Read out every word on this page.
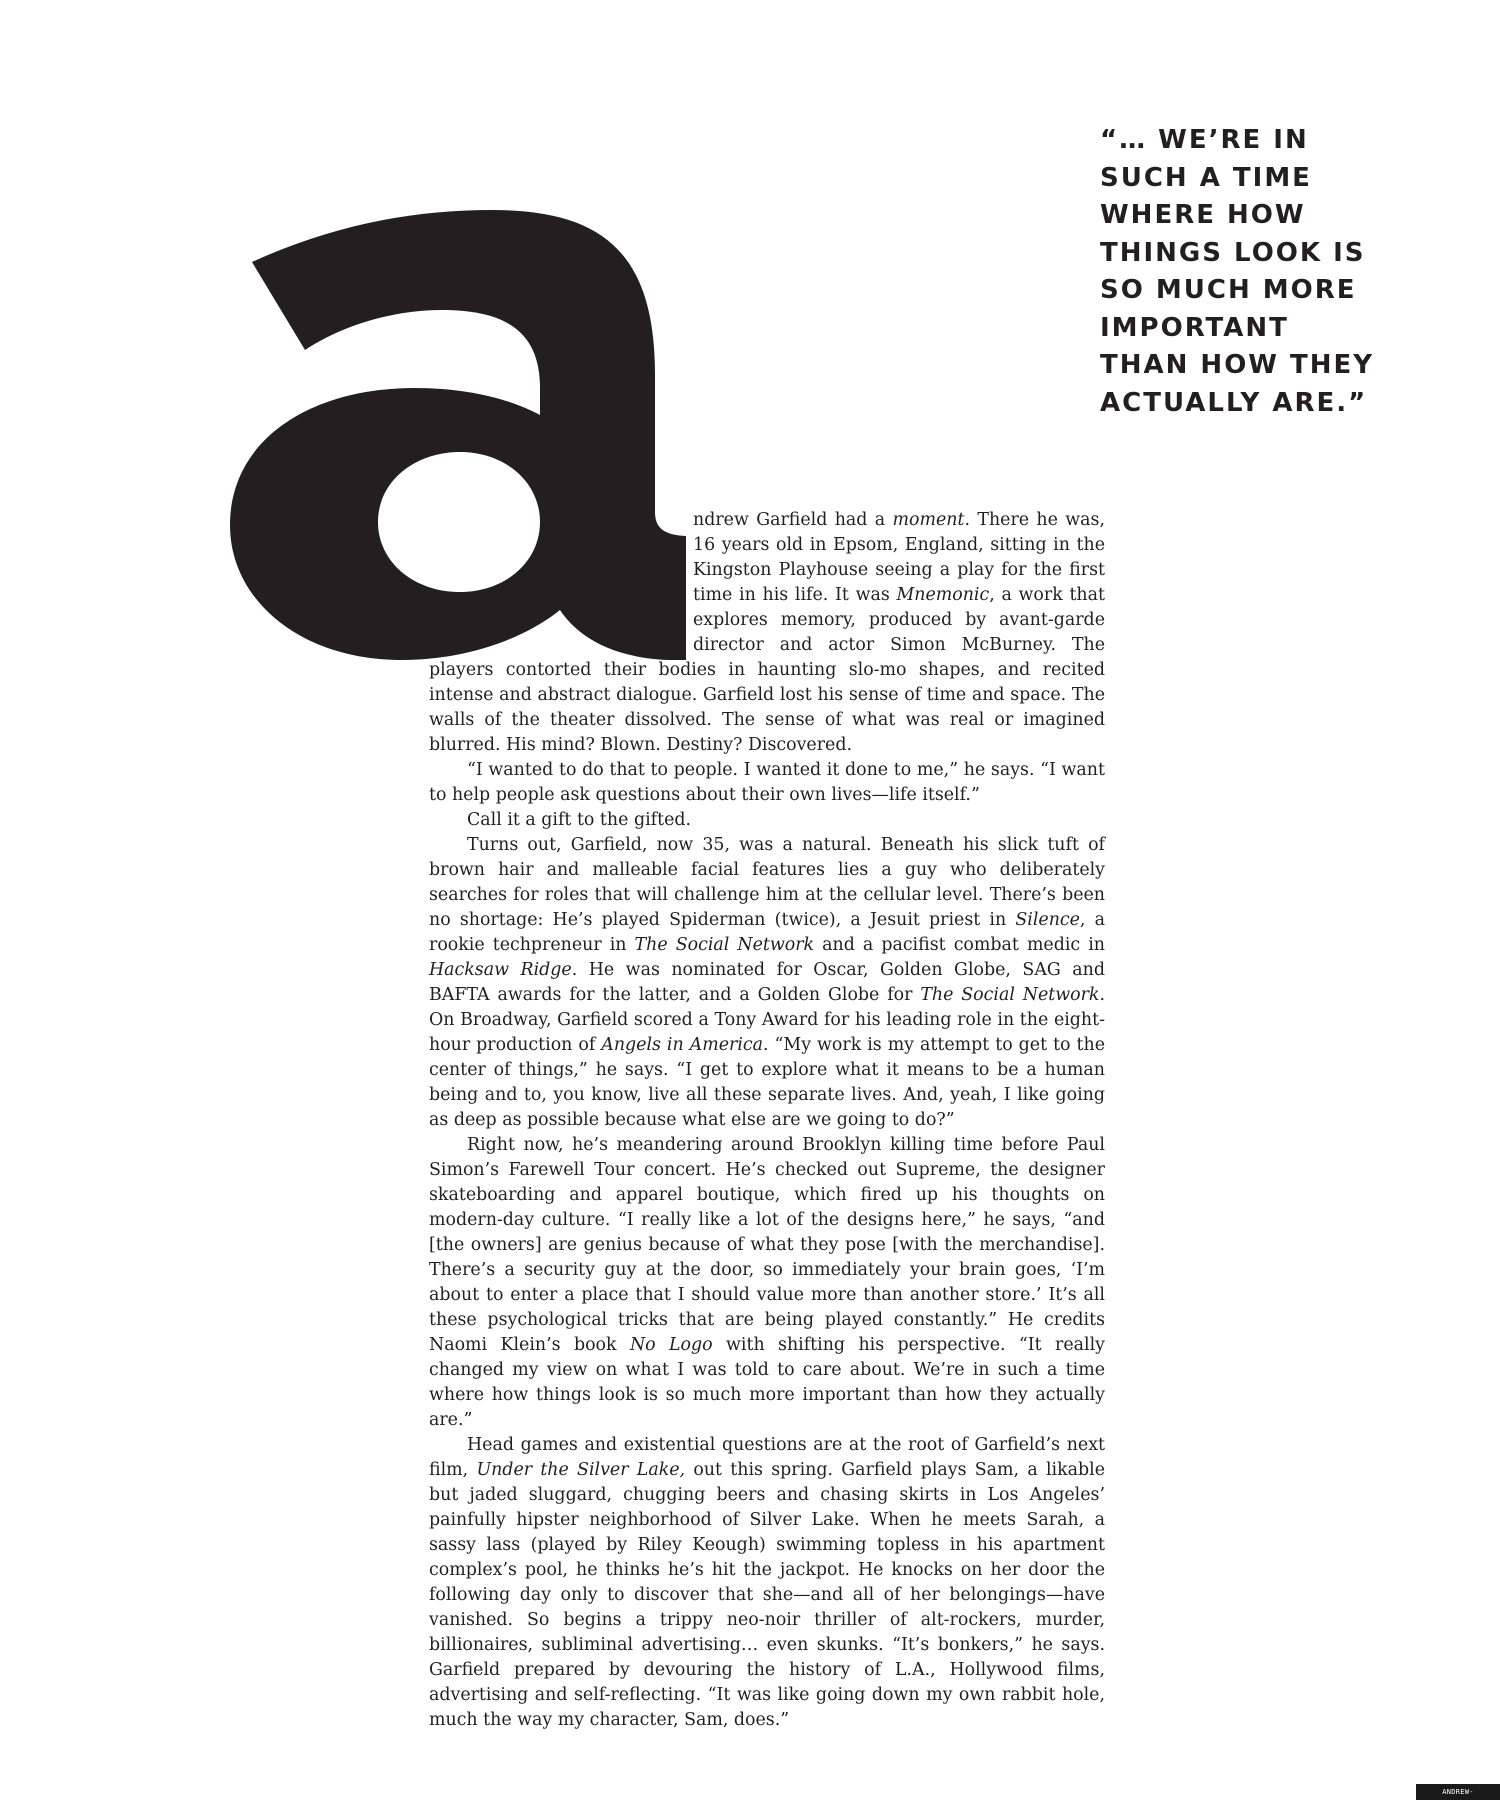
“… WE’RE IN
SUCH A TIME
WHERE HOW
THINGS LOOK IS
SO MUCH MORE
IMPORTANT
THAN HOW THEY
ACTUALLY ARE.”

ndrew Garfield had a moment. There he was, 16 years old in Epsom, England, sitting in the Kingston Playhouse seeing a play for the first time in his life. It was Mnemonic, a work that explores memory, produced by avant-garde director and actor Simon McBurney. The players contorted their bodies in haunting slo-mo shapes, and recited intense and abstract dialogue. Garfield lost his sense of time and space. The walls of the theater dissolved. The sense of what was real or imagined blurred. His mind? Blown. Destiny? Discovered.

“I wanted to do that to people. I wanted it done to me,” he says. “I want to help people ask questions about their own lives—life itself.”

Call it a gift to the gifted.

Turns out, Garfield, now 35, was a natural. Beneath his slick tuft of brown hair and malleable facial features lies a guy who deliberately searches for roles that will challenge him at the cellular level. There’s been no shortage: He’s played Spiderman (twice), a Jesuit priest in Silence, a rookie techpreneur in The Social Network and a pacifist combat medic in Hacksaw Ridge. He was nominated for Oscar, Golden Globe, SAG and BAFTA awards for the latter, and a Golden Globe for The Social Network. On Broadway, Garfield scored a Tony Award for his leading role in the eight-hour production of Angels in America. “My work is my attempt to get to the center of things,” he says. “I get to explore what it means to be a human being and to, you know, live all these separate lives. And, yeah, I like going as deep as possible because what else are we going to do?”

Right now, he’s meandering around Brooklyn killing time before Paul Simon’s Farewell Tour concert. He’s checked out Supreme, the designer skateboarding and apparel boutique, which fired up his thoughts on modern-day culture. “I really like a lot of the designs here,” he says, “and [the owners] are genius because of what they pose [with the merchandise]. There’s a security guy at the door, so immediately your brain goes, ‘I’m about to enter a place that I should value more than another store.’ It’s all these psychological tricks that are being played constantly.” He credits Naomi Klein’s book No Logo with shifting his perspective. “It really changed my view on what I was told to care about. We’re in such a time where how things look is so much more important than how they actually are.”

Head games and existential questions are at the root of Garfield’s next film, Under the Silver Lake, out this spring. Garfield plays Sam, a likable but jaded sluggard, chugging beers and chasing skirts in Los Angeles’ painfully hipster neighborhood of Silver Lake. When he meets Sarah, a sassy lass (played by Riley Keough) swimming topless in his apartment complex’s pool, he thinks he’s hit the jackpot. He knocks on her door the following day only to discover that she—and all of her belongings—have vanished. So begins a trippy neo-noir thriller of alt-rockers, murder, billionaires, subliminal advertising… even skunks. “It’s bonkers,” he says. Garfield prepared by devouring the history of L.A., Hollywood films, advertising and self-reflecting. “It was like going down my own rabbit hole, much the way my character, Sam, does.”

ANDREW-GARFIELD.COM
